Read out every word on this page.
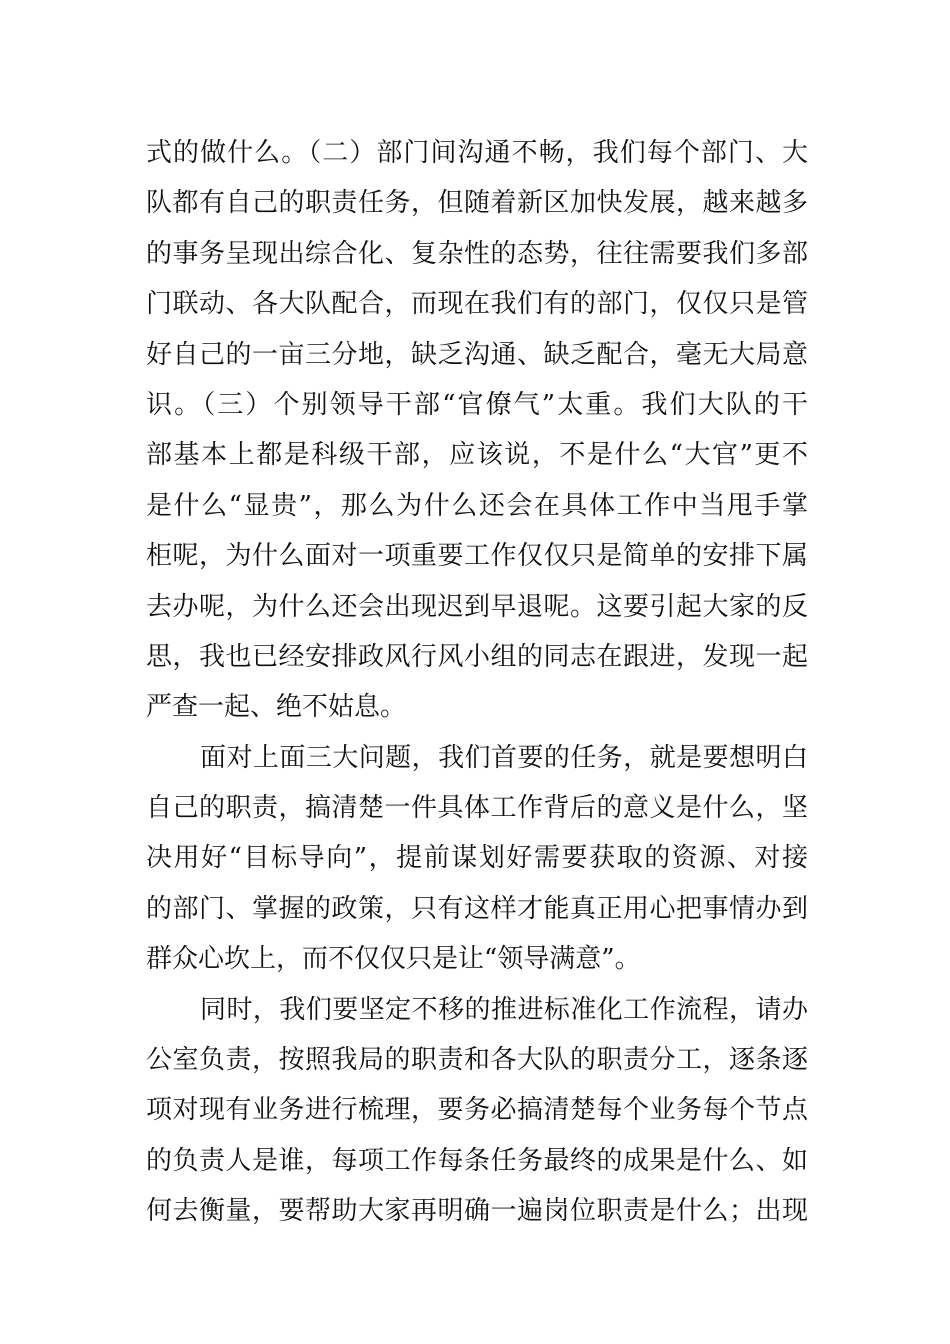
式的做什么。（二）部门间沟通不畅，我们每个部门、大
队都有自己的职责任务，但随着新区加快发展，越来越多
的事务呈现出综合化、复杂性的态势，往往需要我们多部
门联动、各大队配合，而现在我们有的部门，仅仅只是管
好自己的一亩三分地，缺乏沟通、缺乏配合，毫无大局意
识。（三）个别领导干部“官僚气”太重。我们大队的干
部基本上都是科级干部，应该说，不是什么“大官”更不
是什么“显贵”，那么为什么还会在具体工作中当甩手掌
柜呢，为什么面对一项重要工作仅仅只是简单的安排下属
去办呢，为什么还会出现迟到早退呢。这要引起大家的反
思，我也已经安排政风行风小组的同志在跟进，发现一起
严查一起、绝不姑息。
面对上面三大问题，我们首要的任务，就是要想明白
自己的职责，搞清楚一件具体工作背后的意义是什么，坚
决用好“目标导向”，提前谋划好需要获取的资源、对接
的部门、掌握的政策，只有这样才能真正用心把事情办到
群众心坎上，而不仅仅只是让“领导满意”。
同时，我们要坚定不移的推进标准化工作流程，请办
公室负责，按照我局的职责和各大队的职责分工，逐条逐
项对现有业务进行梳理，要务必搞清楚每个业务每个节点
的负责人是谁，每项工作每条任务最终的成果是什么、如
何去衡量，要帮助大家再明确一遍岗位职责是什么；出现
